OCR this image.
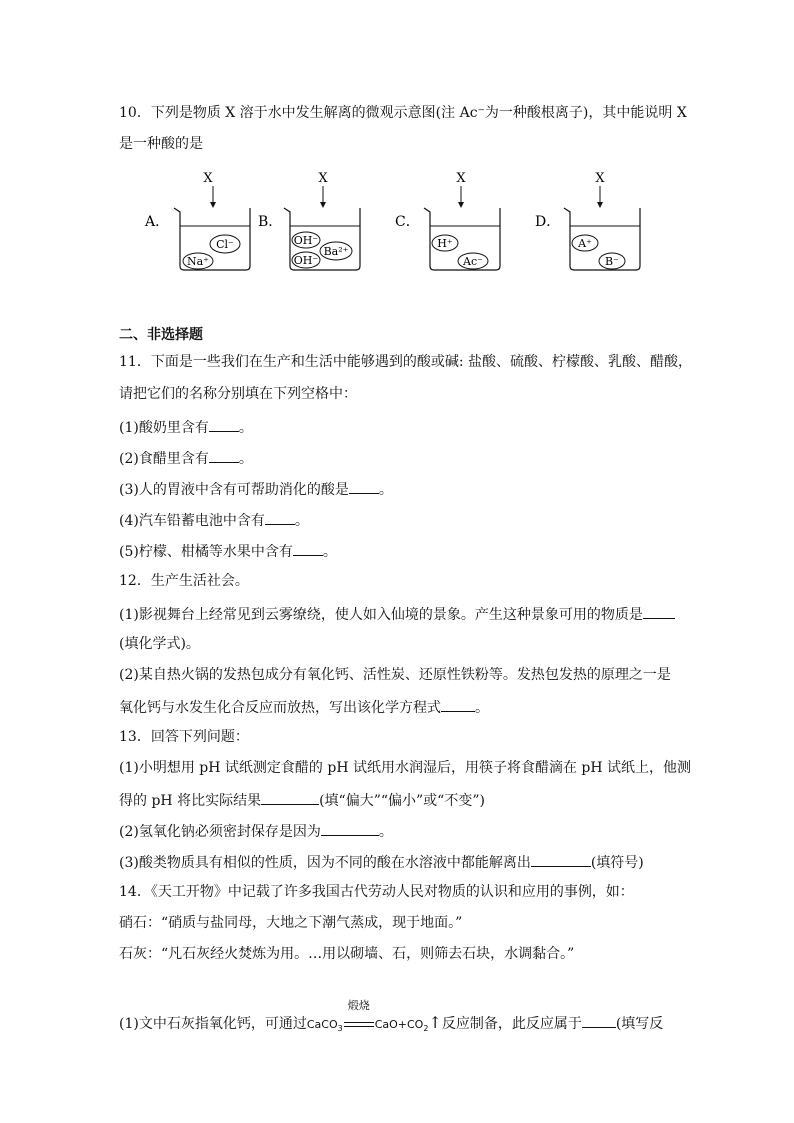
10．下列是物质 X 溶于水中发生解离的微观示意图(注 Ac⁻为一种酸根离子)，其中能说明 X
是一种酸的是
A．
X
Cl⁻
Na⁺
B．
X
OH⁻
OH⁻
Ba²⁺
C．
X
H⁺
Ac⁻
D．
X
A⁺
B⁻
二、非选择题
11．下面是一些我们在生产和生活中能够遇到的酸或碱: 盐酸、硫酸、柠檬酸、乳酸、醋酸，
请把它们的名称分别填在下列空格中：
(1)酸奶里含有 。
(2)食醋里含有 。
(3)人的胃液中含有可帮助消化的酸是 。
(4)汽车铅蓄电池中含有 。
(5)柠檬、柑橘等水果中含有 。
12．生产生活社会。
(1)影视舞台上经常见到云雾缭绕，使人如入仙境的景象。产生这种景象可用的物质是
(填化学式)。
(2)某自热火锅的发热包成分有氧化钙、活性炭、还原性铁粉等。发热包发热的原理之一是
氧化钙与水发生化合反应而放热，写出该化学方程式 。
13．回答下列问题：
(1)小明想用 pH 试纸测定食醋的 pH 试纸用水润湿后，用筷子将食醋滴在 pH 试纸上，他测
得的 pH 将比实际结果	(填“偏大”“偏小”或“不变”)
(2)氢氧化钠必须密封保存是因为	。
(3)酸类物质具有相似的性质，因为不同的酸在水溶液中都能解离出	(填符号)
14．《天工开物》中记载了许多我国古代劳动人民对物质的认识和应用的事例，如：
硝石：“硝质与盐同母，大地之下潮气蒸成，现于地面。”
石灰：“凡石灰经火焚炼为用。…用以砌墙、石，则筛去石块，水调黏合。”
(1)文中石灰指氧化钙，可通过CaCO$_3$
煅烧
$CaO+CO_2↑$反应制备，此反应属于 (填写反
